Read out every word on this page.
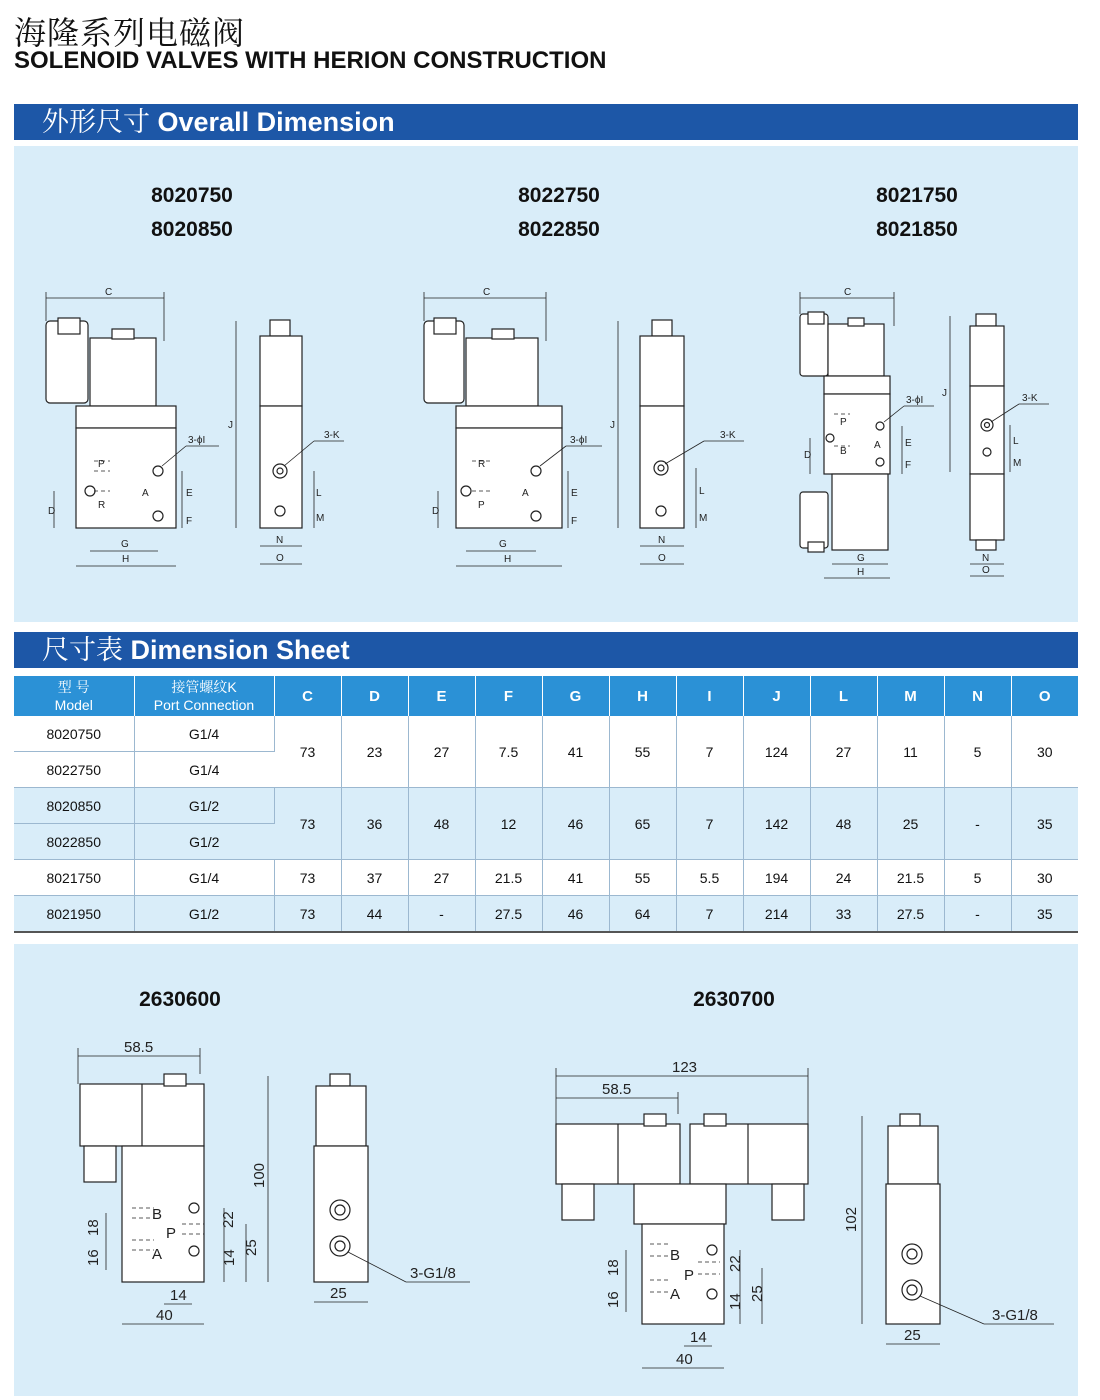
海隆系列电磁阀
SOLENOID VALVES WITH HERION CONSTRUCTION
外形尺寸 Overall Dimension
8020750
8020850
8022750
8022850
8021750
8021850
C
P
R
A
3-ϕI
D
E
F
G
H
J
3-K
L
M
N
O
C
R
P
A
3-ϕI
D
E
F
G
H
J
3-K
L
M
N
O
C
P
B
A
3-ϕI
D
E
F
G
H
J	3-K
L
M
N
O
尺寸表 Dimension Sheet
型 号
Model	接管螺纹K
Port Connection	C	D	E	F	G	H	I	J	L	M	N	O
8020750	G1/4	73	23	27	7.5	41	55	7	124	27	11	5	30
8022750	G1/4												
8020850	G1/2	73	36	48	12	46	65	7	142	48	25	-	35
8022850	G1/2												
8021750	G1/4	73	37	27	21.5	41	55	5.5	194	24	21.5	5	30
8021950	G1/2	73	44	-	27.5	46	64	7	214	33	27.5	-	35
2630600	2630700
58.5
B
P
A
18
16
22
14
25
100
14
40
3-G1/8
25
123
58.5
B
P
A
18
16
22
14 25
14
40
102
3-G1/8
25
